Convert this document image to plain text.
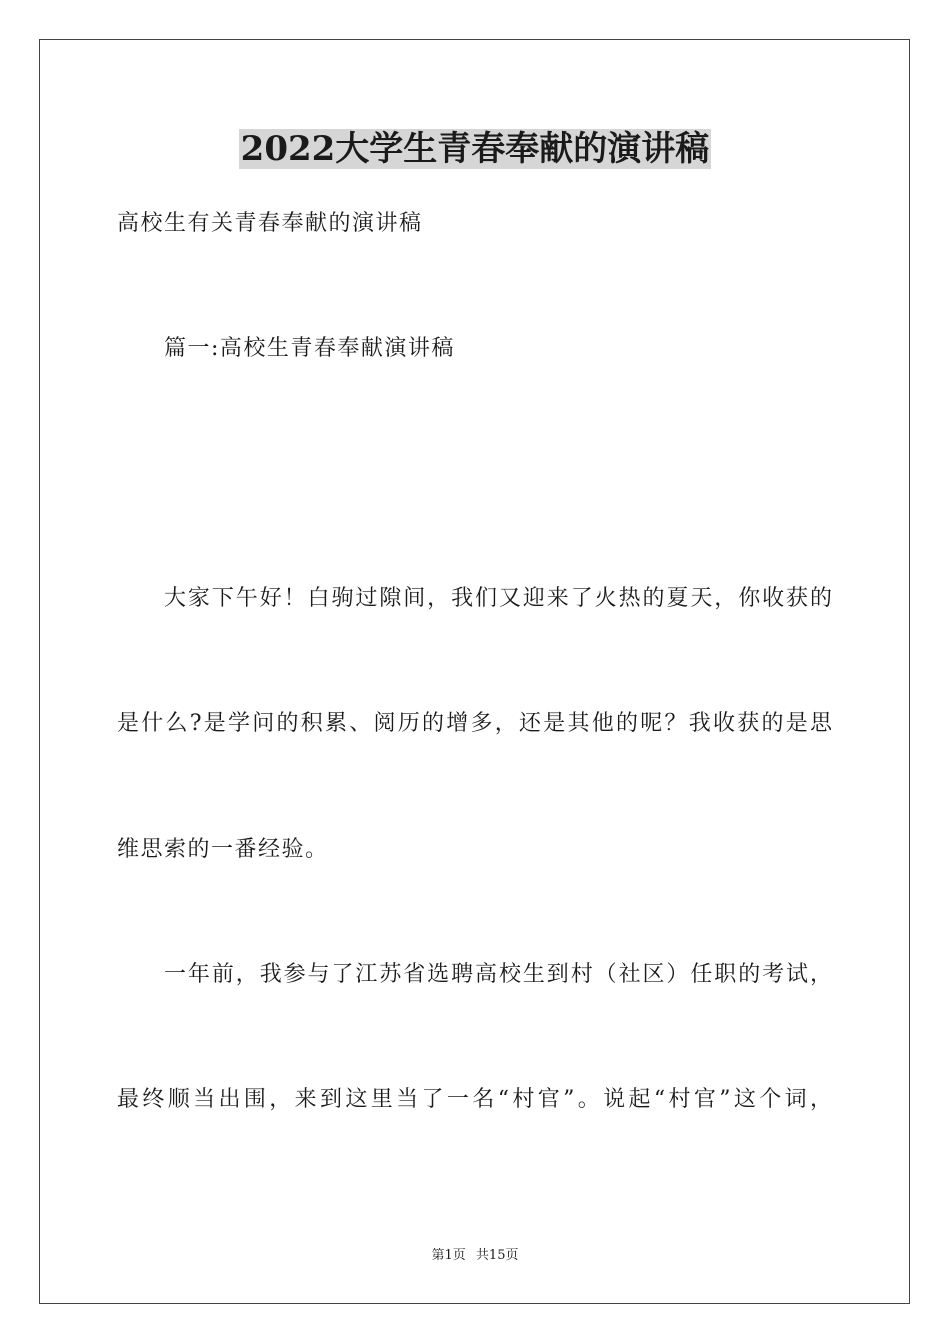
2022大学生青春奉献的演讲稿

高校生有关青春奉献的演讲稿

篇一:高校生青春奉献演讲稿

大家下午好！白驹过隙间，我们又迎来了火热的夏天，你收获的

是什么?是学问的积累、阅历的增多，还是其他的呢？我收获的是思

维思索的一番经验。

一年前，我参与了江苏省选聘高校生到村（社区）任职的考试，

最终顺当出围，来到这里当了一名“村官”。说起“村官”这个词，

第1页 共15页
